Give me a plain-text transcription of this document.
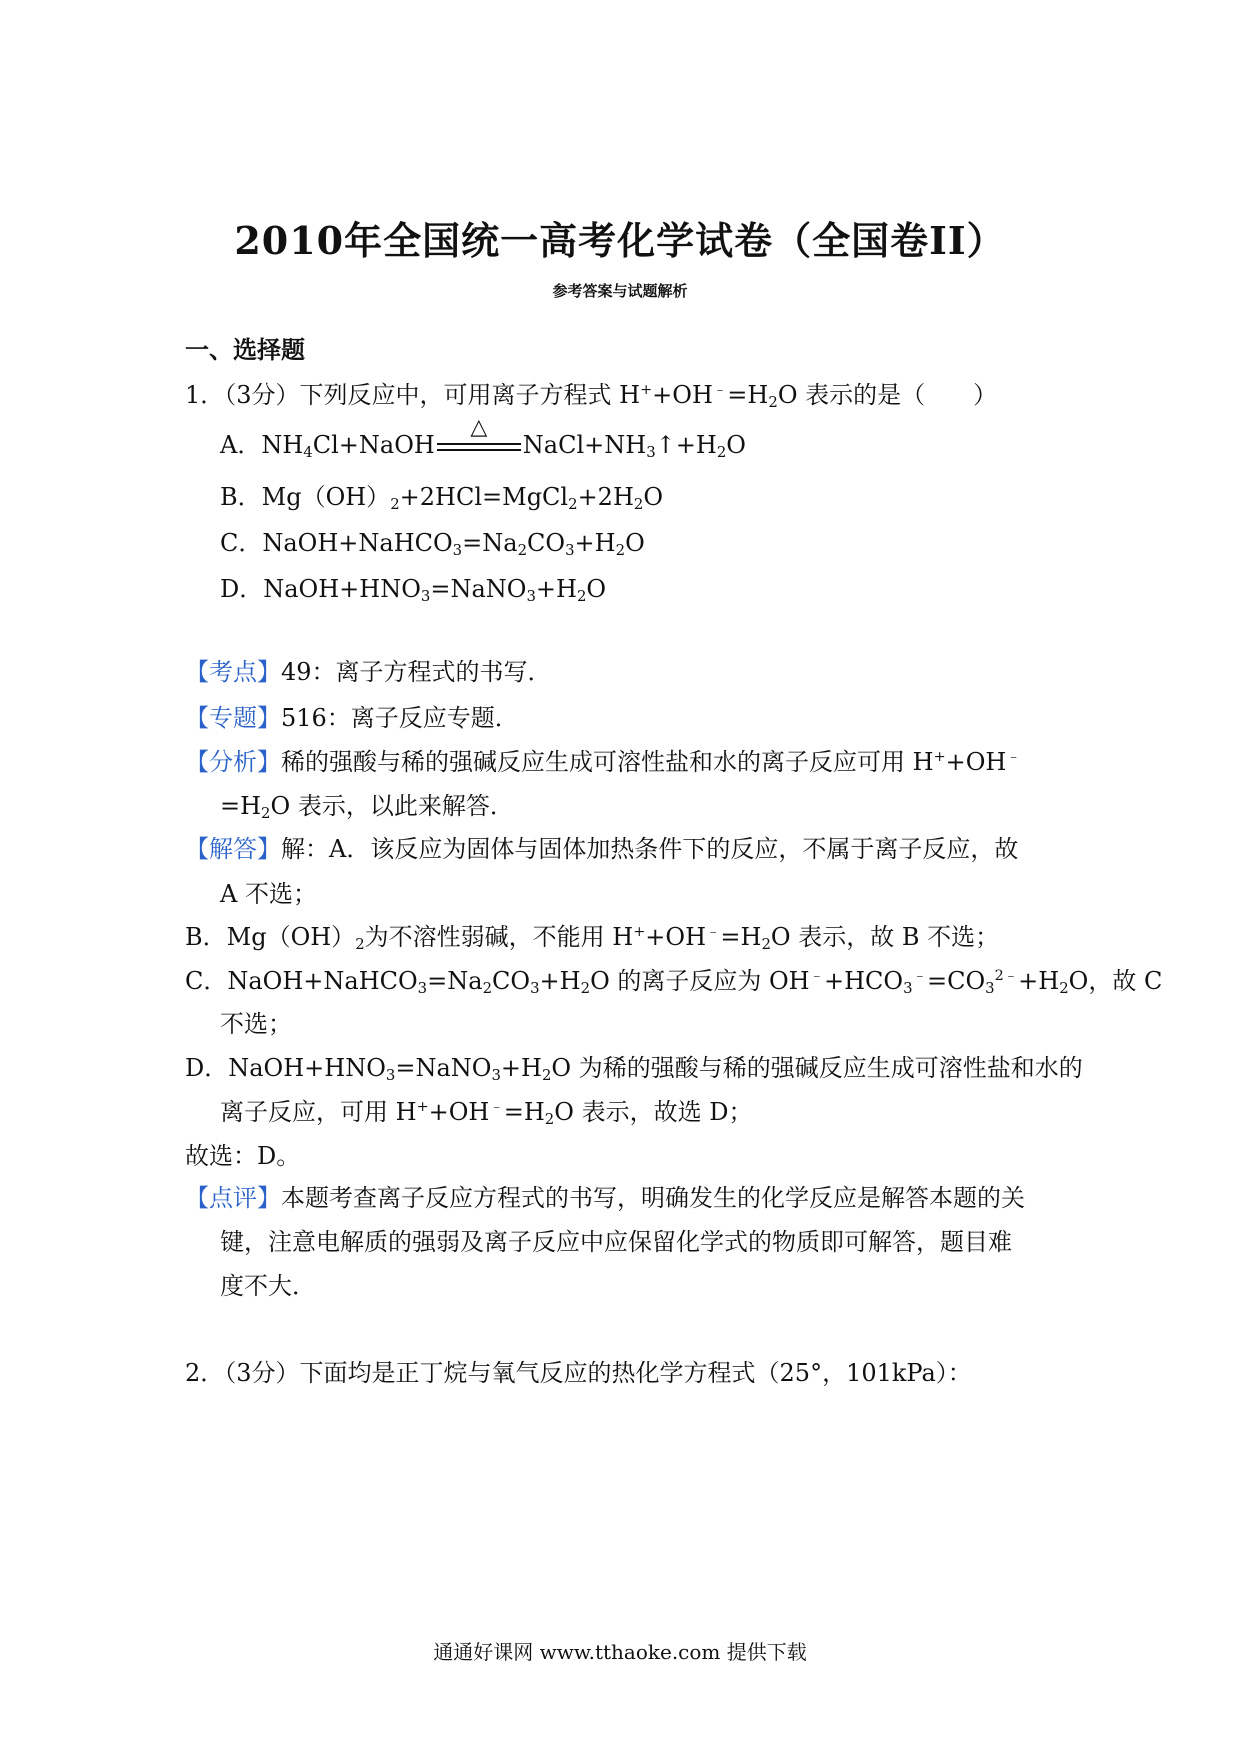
2010年全国统一高考化学试卷（全国卷II）
参考答案与试题解析
一、选择题
1．（3分）下列反应中，可用离子方程式 $H^++OH^﹣=H_2O$ 表示的是（　　）
A．$NH_4Cl+NaOH$
△
$NaCl+NH_3↑+H_2O$
B．$Mg(OH)_2+2HCl=MgCl_2+2H_2O$
C．$NaOH+NaHCO_3=Na_2CO_3+H_2O$
D．$NaOH+HNO_3=NaNO_3+H_2O$
【考点】49：离子方程式的书写．
【专题】516：离子反应专题．
【分析】稀的强酸与稀的强碱反应生成可溶性盐和水的离子反应可用 H++OH﹣
$=H_2O$ 表示，以此来解答．
【解答】解：A．该反应为固体与固体加热条件下的反应，不属于离子反应，故
A 不选；
B．$Mg(OH)_2$为不溶性弱碱，不能用 $H^++OH^﹣=H_2O$ 表示，故 B 不选；
C．$NaOH+NaHCO_3=Na_2CO_3+H_2O$ 的离子反应为 $OH^﹣+HCO_3^﹣=CO_3^{2﹣}+H_2O$，故 C
不选；
D．$NaOH+HNO_3=NaNO_3+H_2O$ 为稀的强酸与稀的强碱反应生成可溶性盐和水的
离子反应，可用 $H^++OH^﹣=H_2O$ 表示，故选 D；
故选：D。
【点评】本题考查离子反应方程式的书写，明确发生的化学反应是解答本题的关
键，注意电解质的强弱及离子反应中应保留化学式的物质即可解答，题目难
度不大．
2．（3分）下面均是正丁烷与氧气反应的热化学方程式（25°，101kPa）：
通通好课网 www.tthaoke.com 提供下载
